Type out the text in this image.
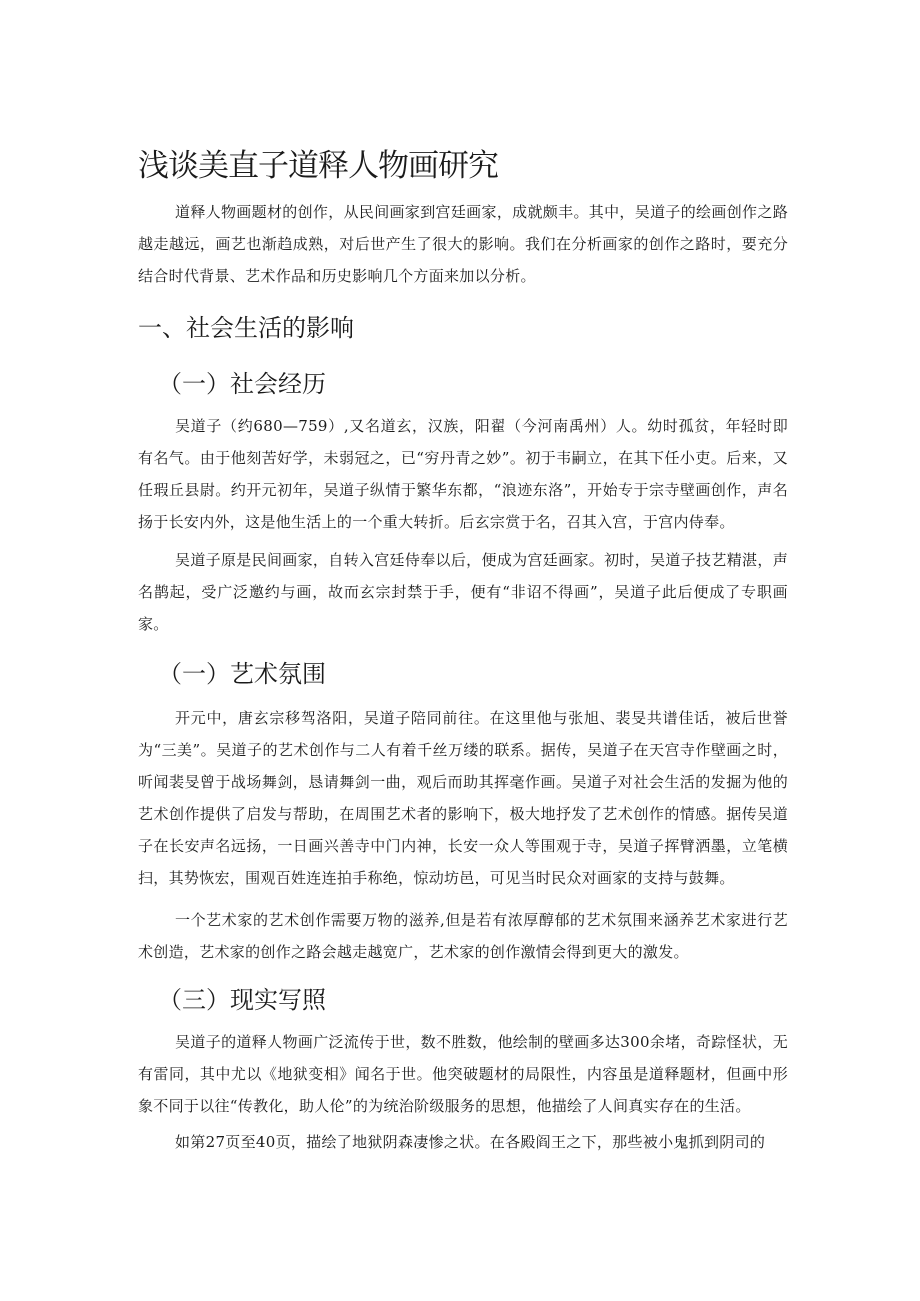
浅谈美直子道释人物画研究

道释人物画题材的创作，从民间画家到宫廷画家，成就颇丰。其中，吴道子的绘画创作之路越走越远，画艺也渐趋成熟，对后世产生了很大的影响。我们在分析画家的创作之路时，要充分结合时代背景、艺术作品和历史影响几个方面来加以分析。

一、社会生活的影响
（一）社会经历

吴道子（约680—759）,又名道玄，汉族，阳翟（今河南禹州）人。幼时孤贫，年轻时即有名气。由于他刻苦好学，未弱冠之，已“穷丹青之妙”。初于韦嗣立，在其下任小吏。后来，又任瑕丘县尉。约开元初年，吴道子纵情于繁华东都，“浪迹东洛”，开始专于宗寺壁画创作，声名扬于长安内外，这是他生活上的一个重大转折。后玄宗赏于名，召其入宫，于宫内侍奉。

吴道子原是民间画家，自转入宫廷侍奉以后，便成为宫廷画家。初时，吴道子技艺精湛，声名鹊起，受广泛邀约与画，故而玄宗封禁于手，便有“非诏不得画”，吴道子此后便成了专职画家。

（一）艺术氛围

开元中，唐玄宗移驾洛阳，吴道子陪同前往。在这里他与张旭、裴旻共谱佳话，被后世誉为“三美”。吴道子的艺术创作与二人有着千丝万缕的联系。据传，吴道子在天宫寺作壁画之时，听闻裴旻曾于战场舞剑，恳请舞剑一曲，观后而助其挥毫作画。吴道子对社会生活的发掘为他的艺术创作提供了启发与帮助，在周围艺术者的影响下，极大地抒发了艺术创作的情感。据传吴道子在长安声名远扬，一日画兴善寺中门内神，长安一众人等围观于寺，吴道子挥臂洒墨，立笔横扫，其势恢宏，围观百姓连连拍手称绝，惊动坊邑，可见当时民众对画家的支持与鼓舞。

一个艺术家的艺术创作需要万物的滋养,但是若有浓厚醇郁的艺术氛围来涵养艺术家进行艺术创造，艺术家的创作之路会越走越宽广，艺术家的创作激情会得到更大的激发。

（三）现实写照

吴道子的道释人物画广泛流传于世，数不胜数，他绘制的壁画多达300余堵，奇踪怪状，无有雷同，其中尤以《地狱变相》闻名于世。他突破题材的局限性，内容虽是道释题材，但画中形象不同于以往“传教化，助人伦”的为统治阶级服务的思想，他描绘了人间真实存在的生活。

如第27页至40页，描绘了地狱阴森凄惨之状。在各殿阎王之下，那些被小鬼抓到阴司的
